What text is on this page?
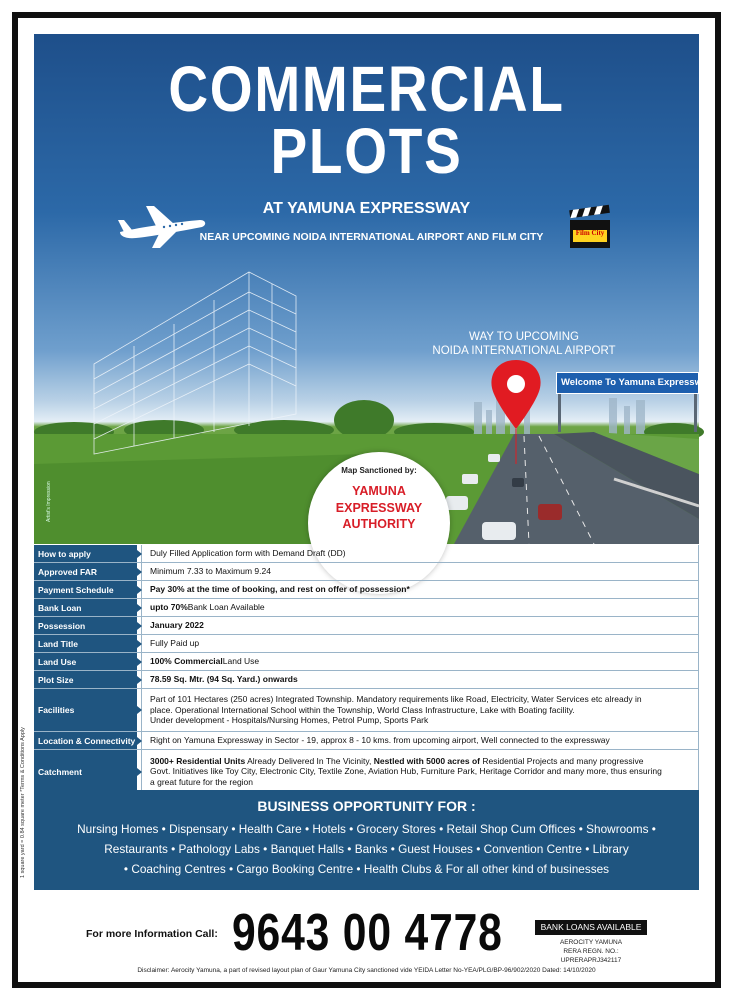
COMMERCIAL
PLOTS
AT YAMUNA EXPRESSWAY
NEAR UPCOMING NOIDA INTERNATIONAL AIRPORT AND FILM CITY	Film City
WAY TO UPCOMING
NOIDA INTERNATIONAL AIRPORT
Welcome To Yamuna Expressway.
Map Sanctioned by:
YAMUNA
EXPRESSWAY
AUTHORITY
Artist's Impression
How to apply	Duly Filled Application form with Demand Draft (DD)
Approved FAR	Minimum 7.33 to Maximum 9.24
Payment Schedule	Pay 30% at the time of booking, and rest on offer of possession*
Bank Loan	upto 70% Bank Loan Available
Possession	January 2022
Land Title	Fully Paid up
Land Use	100% Commercial Land Use
Plot Size	78.59 Sq. Mtr. (94 Sq. Yard.) onwards
Facilities
Part of 101 Hectares (250 acres) Integrated Township. Mandatory requirements like Road, Electricity, Water Services etc already in
place. Operational International School within the Township, World Class Infrastructure, Lake with Boating facility.
Under development - Hospitals/Nursing Homes, Petrol Pump, Sports Park
Location & Connectivity	Right on Yamuna Expressway in Sector - 19, approx 8 - 10 kms. from upcoming airport, Well connected to the expressway
Catchment
3000+ Residential Units Already Delivered In The Vicinity, Nestled with 5000 acres of Residential Projects and many progressive
Govt. Initiatives like Toy City, Electronic City, Textile Zone, Aviation Hub, Furniture Park, Heritage Corridor and many more, thus ensuring
a great future for the region
BUSINESS OPPORTUNITY FOR :
Nursing Homes • Dispensary • Health Care • Hotels • Grocery Stores • Retail Shop Cum Offices • Showrooms •
Restaurants • Pathology Labs • Banquet Halls • Banks • Guest Houses • Convention Centre • Library
• Coaching Centres • Cargo Booking Centre • Health Clubs & For all other kind of businesses
1 square yard = 0.84 square meter *Terms & Conditions Apply
For more Information Call: 9643 00 4778	BANK LOANS AVAILABLE
AEROCITY YAMUNA
RERA REGN. NO.: UPRERAPRJ342117
Disclaimer: Aerocity Yamuna, a part of revised layout plan of Gaur Yamuna City sanctioned vide YEIDA Letter No-YEA/PLG/BP-96/902/2020 Dated: 14/10/2020
